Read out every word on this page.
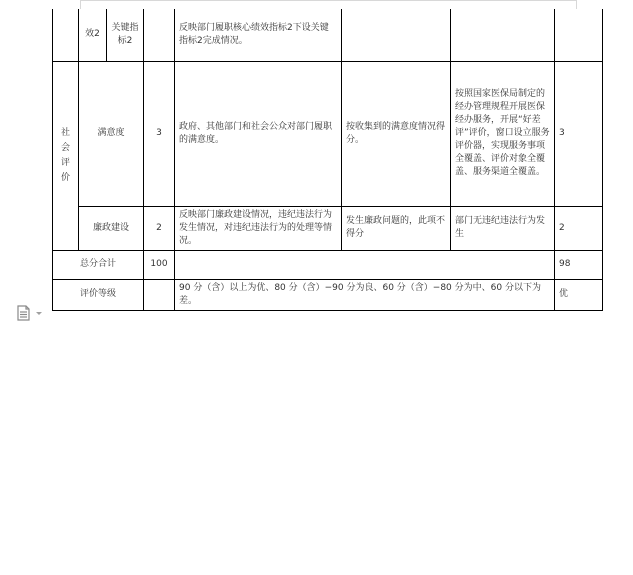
	效2	关键指标2		反映部门履职核心绩效指标2下设关键指标2完成情况。			
社会评价	满意度		3	政府、其他部门和社会公众对部门履职的满意度。	按收集到的满意度情况得分。	按照国家医保局制定的经办管理规程开展医保经办服务，开展“好差评”评价，窗口设立服务评价器，实现服务事项全覆盖、评价对象全覆盖、服务渠道全覆盖。	3
	廉政建设		2	反映部门廉政建设情况，违纪违法行为发生情况，对违纪违法行为的处理等情况。	发生廉政问题的，此项不得分	部门无违纪违法行为发生	2
总分合计			100				98
评价等级				90 分（含）以上为优、80 分（含）−90 分为良、60 分（含）−80 分为中、60 分以下为差。			优
